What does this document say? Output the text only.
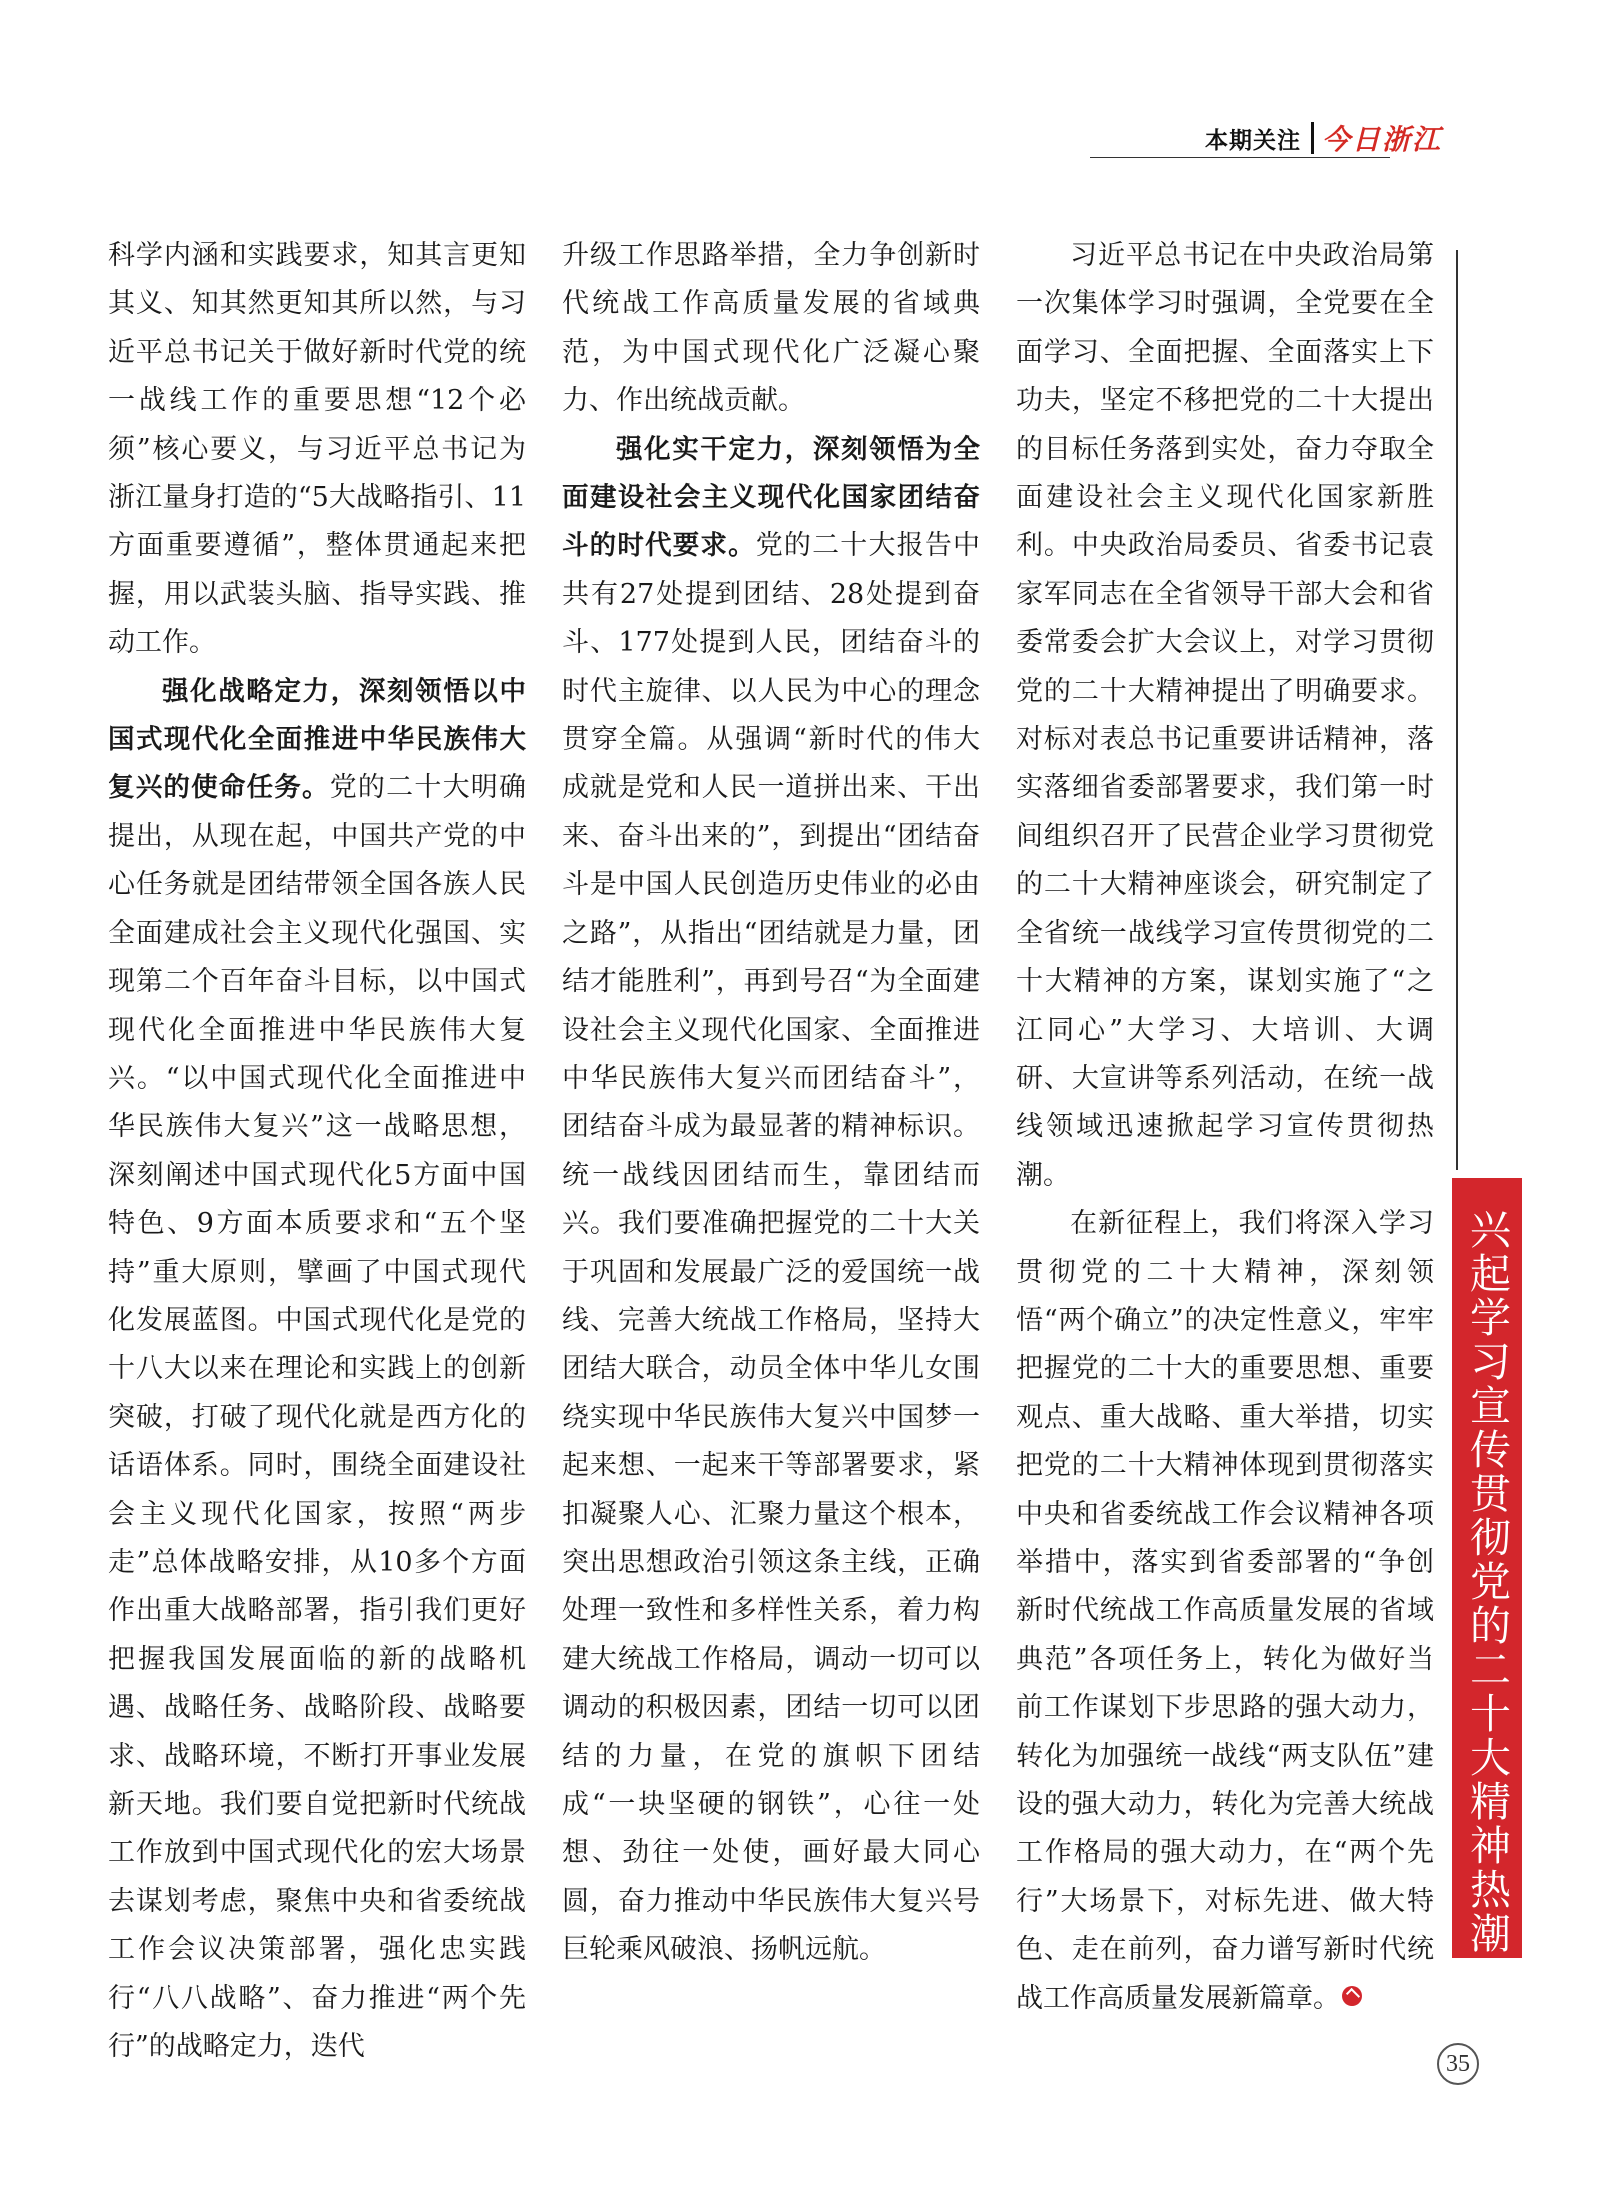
本期关注 今日浙江

科学内涵和实践要求，知其言更知其义、知其然更知其所以然，与习近平总书记关于做好新时代党的统一战线工作的重要思想“12个必须”核心要义，与习近平总书记为浙江量身打造的“5大战略指引、11方面重要遵循”，整体贯通起来把握，用以武装头脑、指导实践、推动工作。

强化战略定力，深刻领悟以中国式现代化全面推进中华民族伟大复兴的使命任务。党的二十大明确提出，从现在起，中国共产党的中心任务就是团结带领全国各族人民全面建成社会主义现代化强国、实现第二个百年奋斗目标，以中国式现代化全面推进中华民族伟大复兴。“以中国式现代化全面推进中华民族伟大复兴”这一战略思想，深刻阐述中国式现代化5方面中国特色、9方面本质要求和“五个坚持”重大原则，擘画了中国式现代化发展蓝图。中国式现代化是党的十八大以来在理论和实践上的创新突破，打破了现代化就是西方化的话语体系。同时，围绕全面建设社会主义现代化国家，按照“两步走”总体战略安排，从10多个方面作出重大战略部署，指引我们更好把握我国发展面临的新的战略机遇、战略任务、战略阶段、战略要求、战略环境，不断打开事业发展新天地。我们要自觉把新时代统战工作放到中国式现代化的宏大场景去谋划考虑，聚焦中央和省委统战工作会议决策部署，强化忠实践行“八八战略”、奋力推进“两个先行”的战略定力，迭代

升级工作思路举措，全力争创新时代统战工作高质量发展的省域典范，为中国式现代化广泛凝心聚力、作出统战贡献。

强化实干定力，深刻领悟为全面建设社会主义现代化国家团结奋斗的时代要求。党的二十大报告中共有27处提到团结、28处提到奋斗、177处提到人民，团结奋斗的时代主旋律、以人民为中心的理念贯穿全篇。从强调“新时代的伟大成就是党和人民一道拼出来、干出来、奋斗出来的”，到提出“团结奋斗是中国人民创造历史伟业的必由之路”，从指出“团结就是力量，团结才能胜利”，再到号召“为全面建设社会主义现代化国家、全面推进中华民族伟大复兴而团结奋斗”，团结奋斗成为最显著的精神标识。统一战线因团结而生，靠团结而兴。我们要准确把握党的二十大关于巩固和发展最广泛的爱国统一战线、完善大统战工作格局，坚持大团结大联合，动员全体中华儿女围绕实现中华民族伟大复兴中国梦一起来想、一起来干等部署要求，紧扣凝聚人心、汇聚力量这个根本，突出思想政治引领这条主线，正确处理一致性和多样性关系，着力构建大统战工作格局，调动一切可以调动的积极因素，团结一切可以团结的力量，在党的旗帜下团结成“一块坚硬的钢铁”，心往一处想、劲往一处使，画好最大同心圆，奋力推动中华民族伟大复兴号巨轮乘风破浪、扬帆远航。

习近平总书记在中央政治局第一次集体学习时强调，全党要在全面学习、全面把握、全面落实上下功夫，坚定不移把党的二十大提出的目标任务落到实处，奋力夺取全面建设社会主义现代化国家新胜利。中央政治局委员、省委书记袁家军同志在全省领导干部大会和省委常委会扩大会议上，对学习贯彻党的二十大精神提出了明确要求。对标对表总书记重要讲话精神，落实落细省委部署要求，我们第一时间组织召开了民营企业学习贯彻党的二十大精神座谈会，研究制定了全省统一战线学习宣传贯彻党的二十大精神的方案，谋划实施了“之江同心”大学习、大培训、大调研、大宣讲等系列活动，在统一战线领域迅速掀起学习宣传贯彻热潮。

在新征程上，我们将深入学习贯彻党的二十大精神，深刻领悟“两个确立”的决定性意义，牢牢把握党的二十大的重要思想、重要观点、重大战略、重大举措，切实把党的二十大精神体现到贯彻落实中央和省委统战工作会议精神各项举措中，落实到省委部署的“争创新时代统战工作高质量发展的省域典范”各项任务上，转化为做好当前工作谋划下步思路的强大动力，转化为加强统一战线“两支队伍”建设的强大动力，转化为完善大统战工作格局的强大动力，在“两个先行”大场景下，对标先进、做大特色、走在前列，奋力谱写新时代统战工作高质量发展新篇章。

兴起学习宣传贯彻党的二十大精神热潮
35
